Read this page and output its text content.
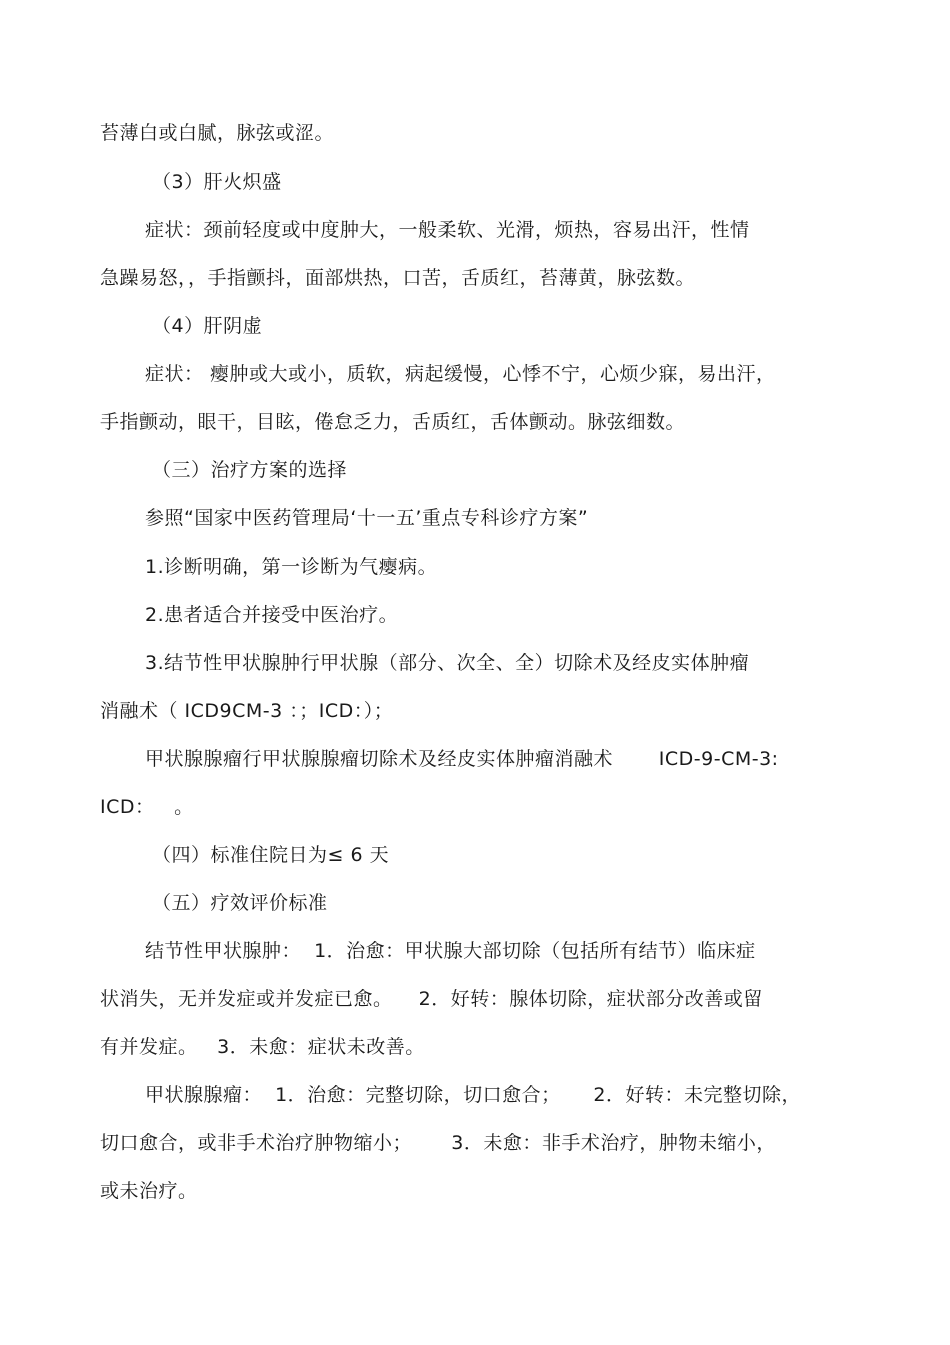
苔薄白或白腻，脉弦或涩。
（3）肝火炽盛
症状：颈前轻度或中度肿大，一般柔软、光滑，烦热，容易出汗，性情
急躁易怒，，手指颤抖，面部烘热，口苦，舌质红，苔薄黄，脉弦数。
（4）肝阴虚
症状： 瘿肿或大或小，质软，病起缓慢，心悸不宁，心烦少寐，易出汗，
手指颤动，眼干，目眩，倦怠乏力，舌质红，舌体颤动。脉弦细数。
（三）治疗方案的选择
参照“国家中医药管理局‘十一五’重点专科诊疗方案”
1.诊断明确，第一诊断为气瘿病。
2.患者适合并接受中医治疗。
3.结节性甲状腺肿行甲状腺（部分、次全、全）切除术及经皮实体肿瘤
消融术（ ICD9CM-3 ：；ICD：）；
甲状腺腺瘤行甲状腺腺瘤切除术及经皮实体肿瘤消融术       ICD-9-CM-3:
ICD：   。
（四）标准住院日为≤ 6 天
（五）疗效评价标准
结节性甲状腺肿：  1．治愈：甲状腺大部切除（包括所有结节）临床症
状消失，无并发症或并发症已愈。    2．好转：腺体切除，症状部分改善或留
有并发症。   3．未愈：症状未改善。
甲状腺腺瘤：  1．治愈：完整切除，切口愈合；     2．好转：未完整切除，
切口愈合，或非手术治疗肿物缩小；      3．未愈：非手术治疗，肿物未缩小，
或未治疗。
